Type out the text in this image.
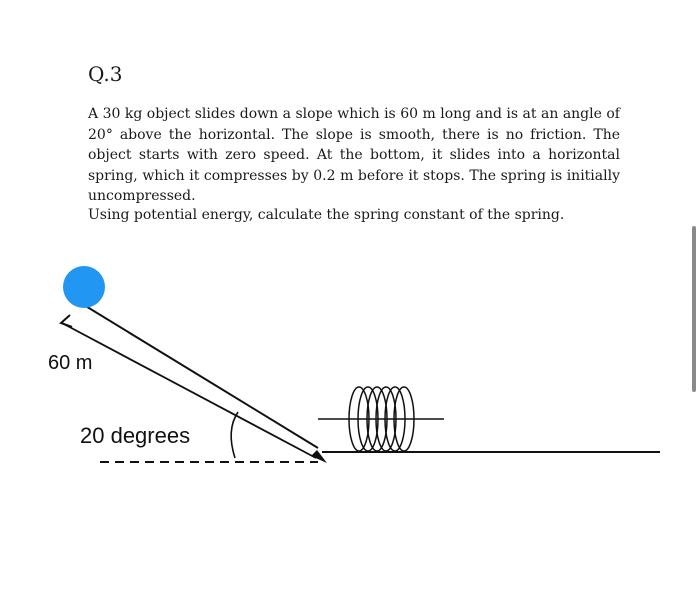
Q.3
A 30 kg object slides down a slope which is 60 m long and is at an angle of 20° above the horizontal. The slope is smooth, there is no friction. The object starts with zero speed. At the bottom, it slides into a horizontal spring, which it compresses by 0.2 m before it stops. The spring is initially uncompressed.
Using potential energy, calculate the spring constant of the spring.
60 m
20 degrees
